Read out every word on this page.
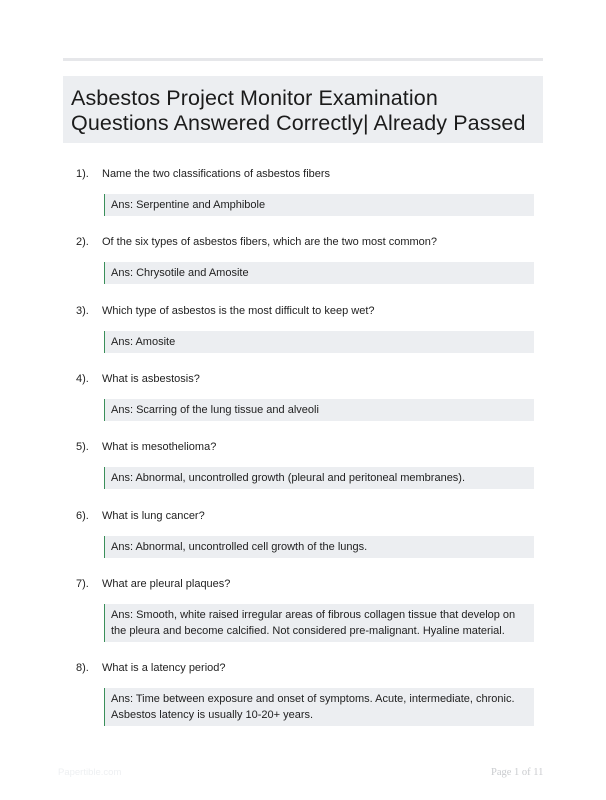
Asbestos Project Monitor Examination
Questions Answered Correctly| Already Passed
1). Name the two classifications of asbestos fibers
Ans: Serpentine and Amphibole
2). Of the six types of asbestos fibers, which are the two most common?
Ans: Chrysotile and Amosite
3). Which type of asbestos is the most difficult to keep wet?
Ans: Amosite
4). What is asbestosis?
Ans: Scarring of the lung tissue and alveoli
5). What is mesothelioma?
Ans: Abnormal, uncontrolled growth (pleural and peritoneal membranes).
6). What is lung cancer?
Ans: Abnormal, uncontrolled cell growth of the lungs.
7). What are pleural plaques?
Ans: Smooth, white raised irregular areas of fibrous collagen tissue that develop on the pleura and become calcified. Not considered pre-malignant. Hyaline material.
8). What is a latency period?
Ans: Time between exposure and onset of symptoms. Acute, intermediate, chronic. Asbestos latency is usually 10-20+ years.
Papertible.com	Page 1 of 11
